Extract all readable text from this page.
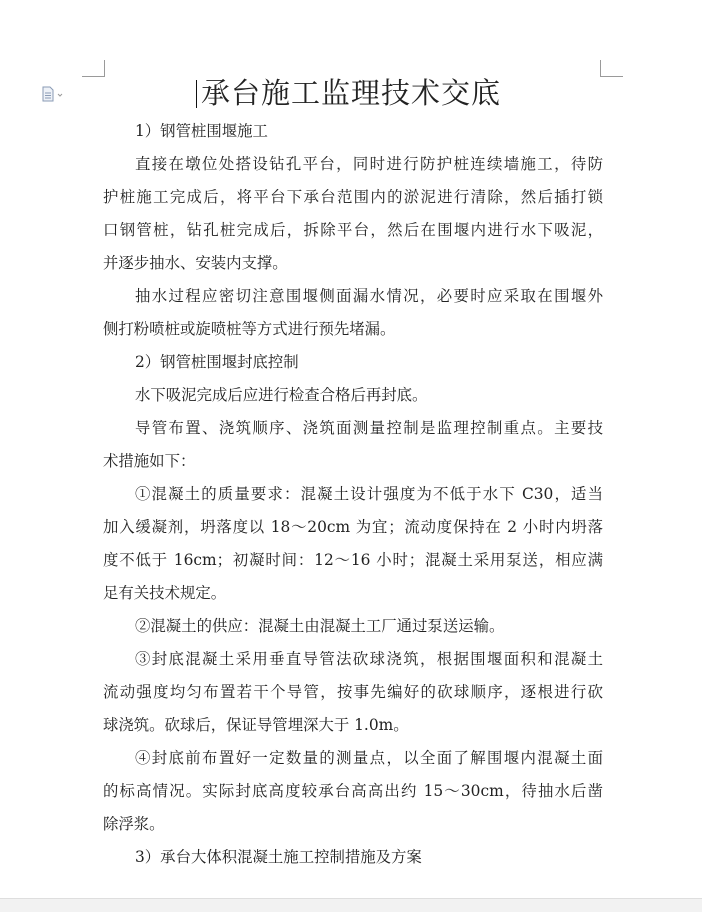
承台施工监理技术交底
1）钢管桩围堰施工
直接在墩位处搭设钻孔平台，同时进行防护桩连续墙施工，待防
护桩施工完成后，将平台下承台范围内的淤泥进行清除，然后插打锁
口钢管桩，钻孔桩完成后，拆除平台，然后在围堰内进行水下吸泥，
并逐步抽水、安装内支撑。
抽水过程应密切注意围堰侧面漏水情况，必要时应采取在围堰外
侧打粉喷桩或旋喷桩等方式进行预先堵漏。
2）钢管桩围堰封底控制
水下吸泥完成后应进行检查合格后再封底。
导管布置、浇筑顺序、浇筑面测量控制是监理控制重点。主要技
术措施如下：
①混凝土的质量要求：混凝土设计强度为不低于水下 C30，适当
加入缓凝剂，坍落度以 18～20cm 为宜；流动度保持在 2 小时内坍落
度不低于 16cm；初凝时间：12～16 小时；混凝土采用泵送，相应满
足有关技术规定。
②混凝土的供应：混凝土由混凝土工厂通过泵送运输。
③封底混凝土采用垂直导管法砍球浇筑，根据围堰面积和混凝土
流动强度均匀布置若干个导管，按事先编好的砍球顺序，逐根进行砍
球浇筑。砍球后，保证导管埋深大于 1.0m。
④封底前布置好一定数量的测量点，以全面了解围堰内混凝土面
的标高情况。实际封底高度较承台高高出约 15～30cm，待抽水后凿
除浮浆。
3）承台大体积混凝土施工控制措施及方案
